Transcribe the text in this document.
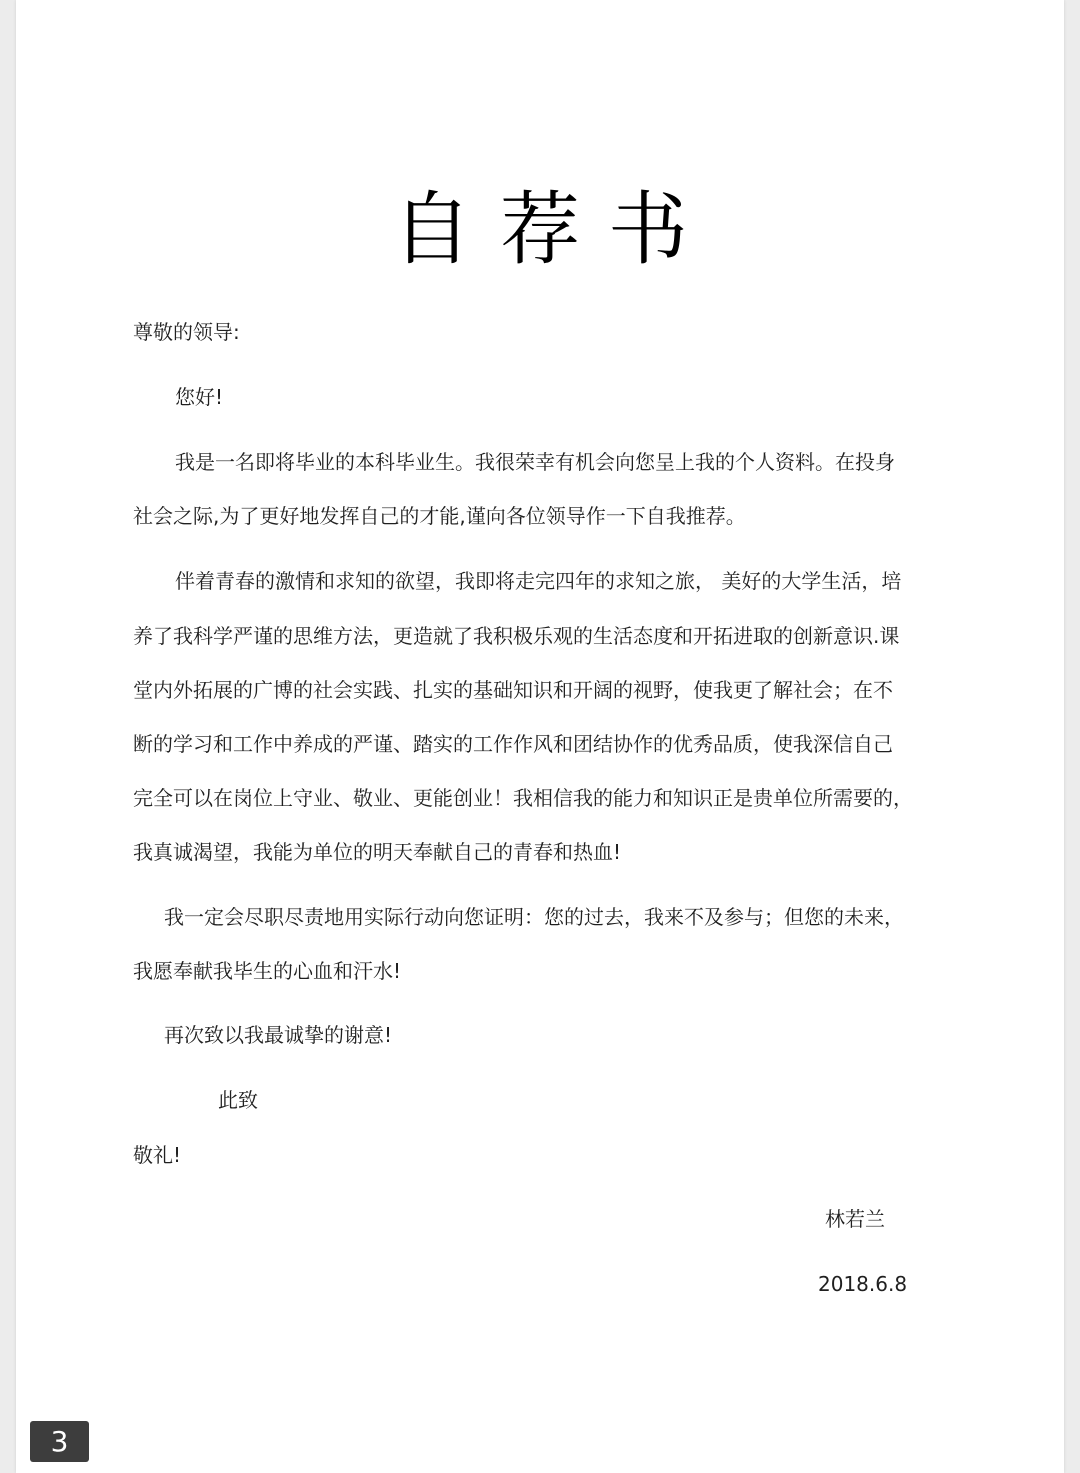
自荐书
尊敬的领导:
您好!
我是一名即将毕业的本科毕业生。我很荣幸有机会向您呈上我的个人资料。在投身
社会之际,为了更好地发挥自己的才能,谨向各位领导作一下自我推荐。
伴着青春的激情和求知的欲望，我即将走完四年的求知之旅， 美好的大学生活，培
养了我科学严谨的思维方法，更造就了我积极乐观的生活态度和开拓进取的创新意识.课
堂内外拓展的广博的社会实践、扎实的基础知识和开阔的视野，使我更了解社会；在不
断的学习和工作中养成的严谨、踏实的工作作风和团结协作的优秀品质，使我深信自己
完全可以在岗位上守业、敬业、更能创业！我相信我的能力和知识正是贵单位所需要的，
我真诚渴望，我能为单位的明天奉献自己的青春和热血!
我一定会尽职尽责地用实际行动向您证明：您的过去，我来不及参与；但您的未来，
我愿奉献我毕生的心血和汗水!
再次致以我最诚挚的谢意!
此致
敬礼!
林若兰
2018.6.8
3
